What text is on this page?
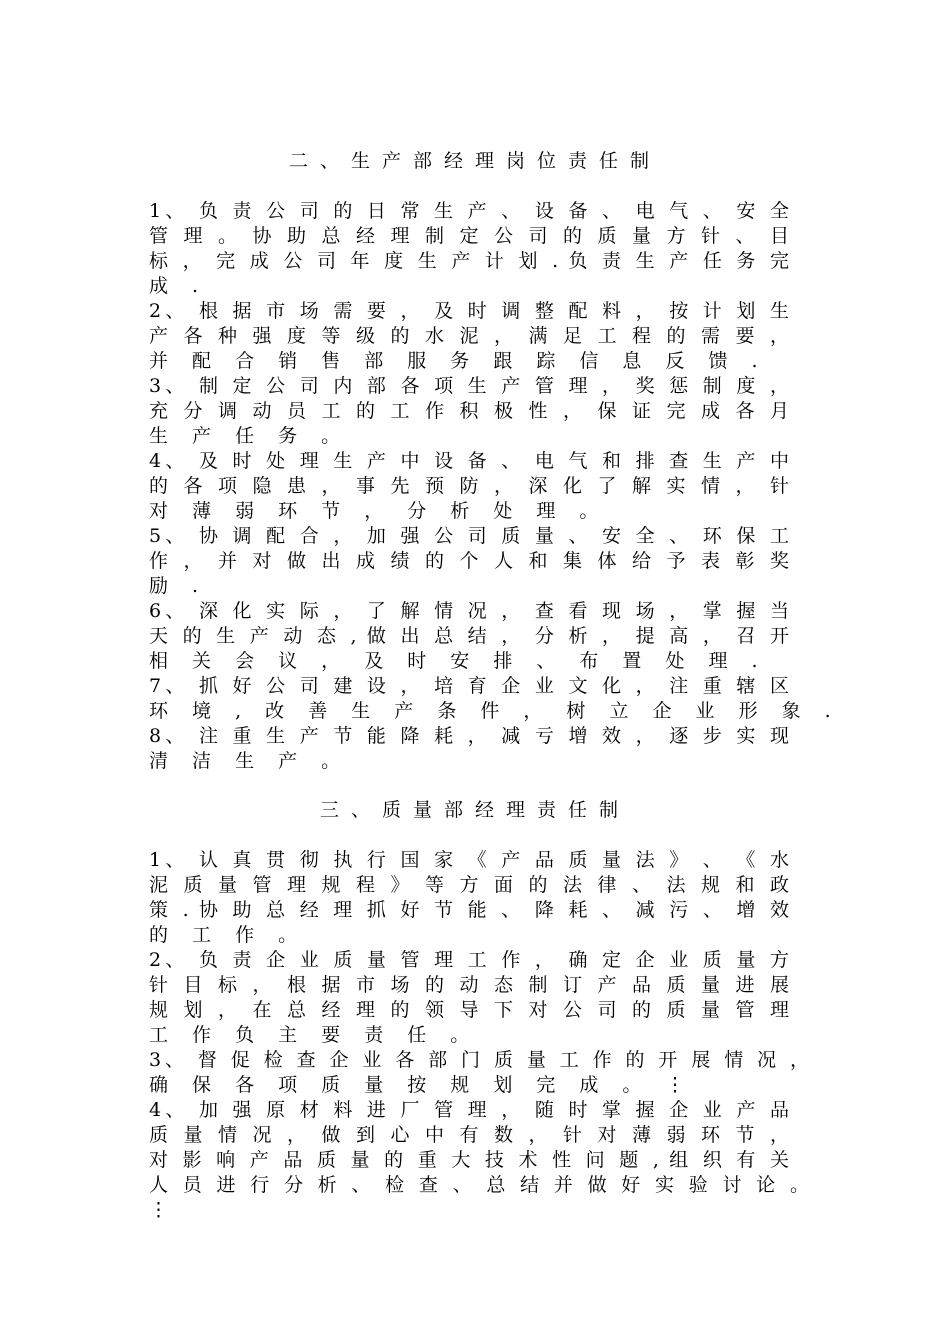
二、生产部经理岗位责任制
1、 负 责 公 司 的 日 常 生 产 、 设 备 、 电 气 、 安 全
管 理 。 协 助 总 经 理 制 定 公 司 的 质 量 方 针 、 目
标 ， 完 成 公 司 年 度 生 产 计 划 . 负 责 生 产 任 务 完
成 .
2、 根 据 市 场 需 要 ， 及 时 调 整 配 料 ， 按 计 划 生
产 各 种 强 度 等 级 的 水 泥 ， 满 足 工 程 的 需 要 ，
并 配 合 销 售 部 服 务 跟 踪 信 息 反 馈 .
3、 制 定 公 司 内 部 各 项 生 产 管 理 ， 奖 惩 制 度 ，
充 分 调 动 员 工 的 工 作 积 极 性 ， 保 证 完 成 各 月
生 产 任 务 。
4、 及 时 处 理 生 产 中 设 备 、 电 气 和 排 查 生 产 中
的 各 项 隐 患 ， 事 先 预 防 ， 深 化 了 解 实 情 ， 针
对 薄 弱 环 节 ， 分 析 处 理 。
5、 协 调 配 合 ， 加 强 公 司 质 量 、 安 全 、 环 保 工
作 ， 并 对 做 出 成 绩 的 个 人 和 集 体 给 予 表 彰 奖
励 .
6、 深 化 实 际 ， 了 解 情 况 ， 查 看 现 场 ， 掌 握 当
天 的 生 产 动 态 , 做 出 总 结 ， 分 析 ， 提 高 ， 召 开
相 关 会 议 ， 及 时 安 排 、 布 置 处 理 .
7、 抓 好 公 司 建 设 ， 培 育 企 业 文 化 ， 注 重 辖 区
环 境 , 改 善 生 产 条 件 ， 树 立 企 业 形 象 .
8、 注 重 生 产 节 能 降 耗 ， 减 亏 增 效 ， 逐 步 实 现
清 洁 生 产 。
三、质量部经理责任制
1、 认 真 贯 彻 执 行 国 家 《 产 品 质 量 法 》 、 《 水
泥 质 量 管 理 规 程 》 等 方 面 的 法 律 、 法 规 和 政
策 . 协 助 总 经 理 抓 好 节 能 、 降 耗 、 减 污 、 增 效
的 工 作 。
2、 负 责 企 业 质 量 管 理 工 作 ， 确 定 企 业 质 量 方
针 目 标 ， 根 据 市 场 的 动 态 制 订 产 品 质 量 进 展
规 划 ， 在 总 经 理 的 领 导 下 对 公 司 的 质 量 管 理
工 作 负 主 要 责 任 。
3、 督 促 检 查 企 业 各 部 门 质 量 工 作 的 开 展 情 况 ，
确 保 各 项 质 量 按 规 划 完 成 。 ⋮
4、 加 强 原 材 料 进 厂 管 理 ， 随 时 掌 握 企 业 产 品
质 量 情 况 ， 做 到 心 中 有 数 ， 针 对 薄 弱 环 节 ，
对 影 响 产 品 质 量 的 重 大 技 术 性 问 题 , 组 织 有 关
人 员 进 行 分 析 、 检 查 、 总 结 并 做 好 实 验 讨 论 。
⋮
